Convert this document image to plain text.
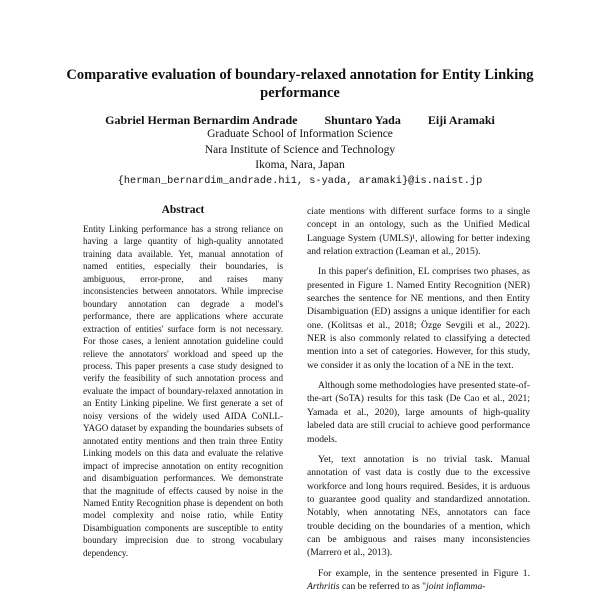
Comparative evaluation of boundary-relaxed annotation for Entity Linking performance
Gabriel Herman Bernardim Andrade Shuntaro Yada Eiji Aramaki
Graduate School of Information Science
Nara Institute of Science and Technology
Ikoma, Nara, Japan
{herman_bernardim_andrade.hi1, s-yada, aramaki}@is.naist.jp
Abstract
Entity Linking performance has a strong reliance on having a large quantity of high-quality annotated training data available. Yet, manual annotation of named entities, especially their boundaries, is ambiguous, error-prone, and raises many inconsistencies between annotators. While imprecise boundary annotation can degrade a model's performance, there are applications where accurate extraction of entities' surface form is not necessary. For those cases, a lenient annotation guideline could relieve the annotators' workload and speed up the process. This paper presents a case study designed to verify the feasibility of such annotation process and evaluate the impact of boundary-relaxed annotation in an Entity Linking pipeline. We first generate a set of noisy versions of the widely used AIDA CoNLL-YAGO dataset by expanding the boundaries subsets of annotated entity mentions and then train three Entity Linking models on this data and evaluate the relative impact of imprecise annotation on entity recognition and disambiguation performances. We demonstrate that the magnitude of effects caused by noise in the Named Entity Recognition phase is dependent on both model complexity and noise ratio, while Entity Disambiguation components are susceptible to entity boundary imprecision due to strong vocabulary dependency.

ciate mentions with different surface forms to a single concept in an ontology, such as the Unified Medical Language System (UMLS)¹, allowing for better indexing and relation extraction (Leaman et al., 2015).

In this paper's definition, EL comprises two phases, as presented in Figure 1. Named Entity Recognition (NER) searches the sentence for NE mentions, and then Entity Disambiguation (ED) assigns a unique identifier for each one. (Kolitsas et al., 2018; Özge Sevgili et al., 2022). NER is also commonly related to classifying a detected mention into a set of categories. However, for this study, we consider it as only the location of a NE in the text.

Although some methodologies have presented state-of-the-art (SoTA) results for this task (De Cao et al., 2021; Yamada et al., 2020), large amounts of high-quality labeled data are still crucial to achieve good performance models.

Yet, text annotation is no trivial task. Manual annotation of vast data is costly due to the excessive workforce and long hours required. Besides, it is arduous to guarantee good quality and standardized annotation. Notably, when annotating NEs, annotators can face trouble deciding on the boundaries of a mention, which can be ambiguous and raises many inconsistencies (Marrero et al., 2013).

For example, in the sentence presented in Figure 1. Arthritis can be referred to as "joint inflamma-
